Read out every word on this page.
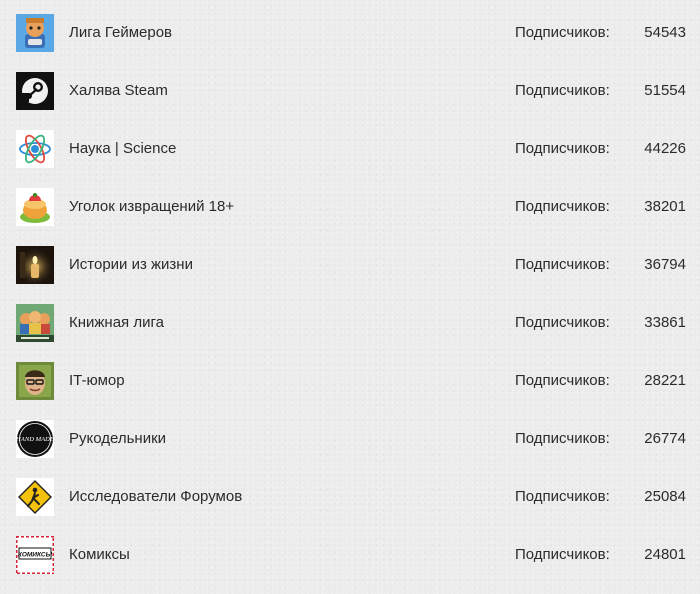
Лига Геймеров	Подписчиков: 54543
Халява Steam	Подписчиков: 51554
Наука | Science	Подписчиков: 44226
Уголок извращений 18+	Подписчиков: 38201
Истории из жизни	Подписчиков: 36794
Книжная лига	Подписчиков: 33861
IT-юмор	Подписчиков: 28221
HAND MADE Рукодельники	Подписчиков: 26774
Исследователи Форумов	Подписчиков: 25084
КОМИКСЫ Комиксы	Подписчиков: 24801
